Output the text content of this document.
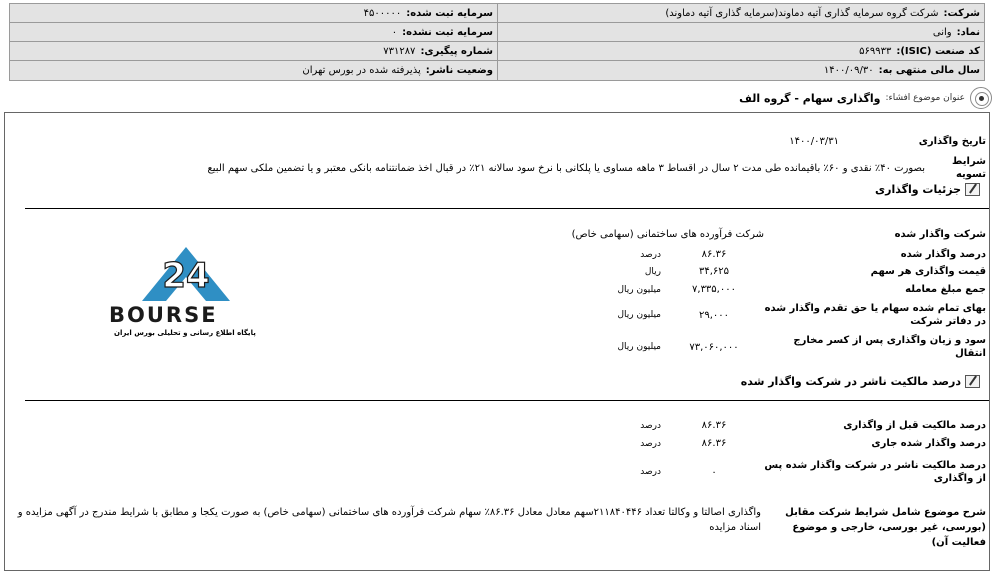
شرکت:
شرکت گروه سرمایه گذاری آتیه دماوند(سرمایه گذاری آتیه دماوند)
سرمایه ثبت شده:
۴۵۰۰۰۰۰
نماد:
وانی
سرمایه ثبت نشده:
۰
کد صنعت (ISIC):
۵۶۹۹۳۳
شماره پیگیری:
۷۳۱۲۸۷
سال مالی منتهی به:
۱۴۰۰/۰۹/۳۰
وضعیت ناشر:
پذیرفته شده در بورس تهران
عنوان موضوع افشاء:
واگذاری سهام - گروه الف
تاریخ واگذاری
۱۴۰۰/۰۳/۳۱
شرایط تسویه
بصورت ۴۰٪ نقدی و ۶۰٪ باقیمانده طی مدت ۲ سال در اقساط ۳ ماهه مساوی یا پلکانی با نرخ سود سالانه ۲۱٪ در قبال اخذ ضمانتنامه بانکی معتبر و یا تضمین ملکی سهم البیع
جزئیات واگذاری
شرکت واگذار شده
شرکت فرآورده های ساختمانی (سهامی خاص)
درصد واگذار شده
۸۶.۳۶
درصد
قیمت واگذاری هر سهم
۳۴,۶۲۵
ریال
جمع مبلغ معامله
۷,۳۳۵,۰۰۰
میلیون ریال
بهای تمام شده سهام یا حق تقدم واگذار شده در دفاتر شرکت
۲۹,۰۰۰
میلیون ریال
سود و زیان واگذاری پس از کسر مخارج انتقال
۷۳,۰۶۰,۰۰۰
میلیون ریال
24
BOURSE
پایگاه اطلاع رسانی و تحلیلی بورس ایران
درصد مالکیت ناشر در شرکت واگذار شده
درصد مالکیت قبل از واگذاری
۸۶.۳۶
درصد
درصد واگذار شده جاری
۸۶.۳۶
درصد
درصد مالکیت ناشر در شرکت واگذار شده پس از واگذاری
۰
درصد
شرح موضوع شامل شرایط شرکت مقابل (بورسی، غیر بورسی، خارجی و موضوع فعالیت آن)
واگذاری اصالتا و وکالتا تعداد ۲۱۱۸۴۰۴۴۶سهم معادل معادل ۸۶.۳۶٪ سهام شرکت فرآورده های ساختمانی (سهامی خاص) به صورت یکجا و مطابق با شرایط مندرج در آگهی مزایده و اسناد مزایده
